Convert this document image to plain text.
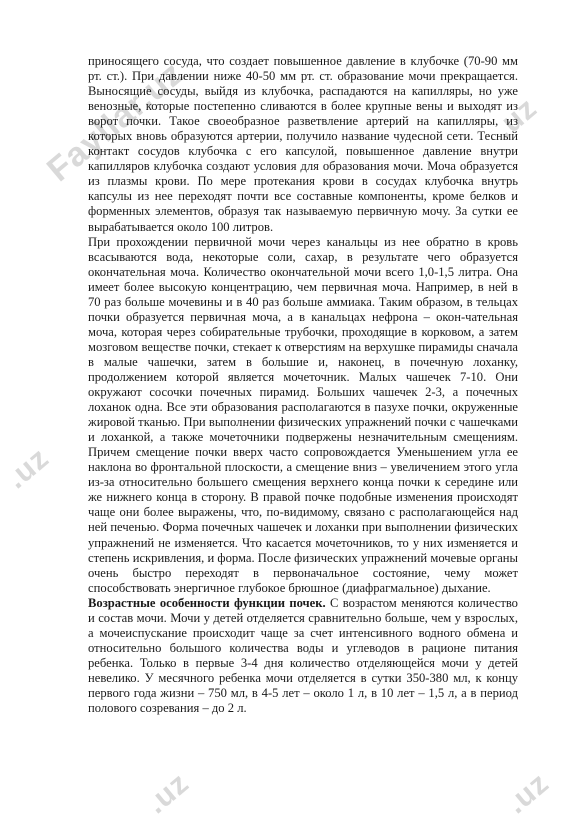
Fayllar.uz	.uz
.uz
.uz	.uz

приносящего сосуда, что создает повышенное давление в клубочке (70-90 мм рт. ст.). При давлении ниже 40-50 мм рт. ст. образование мочи прекращается. Выносящие сосуды, выйдя из клубочка, распадаются на капилляры, но уже венозные, которые постепенно сливаются в более крупные вены и выходят из ворот почки. Такое своеобразное разветвление артерий на капилляры, из которых вновь образуются артерии, получило название чудесной сети. Тесный контакт сосудов клубочка с его капсулой, повышенное давление внутри капилляров клубочка создают условия для образования мочи. Моча образуется из плазмы крови. По мере протекания крови в сосудах клубочка внутрь капсулы из нее переходят почти все составные компоненты, кроме белков и форменных элементов, образуя так называемую первичную мочу. За сутки ее вырабатывается около 100 литров.

При прохождении первичной мочи через канальцы из нее обратно в кровь всасываются вода, некоторые соли, сахар, в результате чего образуется окончательная моча. Количество окончательной мочи всего 1,0-1,5 литра. Она имеет более высокую концентрацию, чем первичная моча. Например, в ней в 70 раз больше мочевины и в 40 раз больше аммиака. Таким образом, в тельцах почки образуется первичная моча, а в канальцах нефрона – окон-чательная моча, которая через собирательные трубочки, проходящие в корковом, а затем мозговом веществе почки, стекает к отверстиям на верхушке пирамиды сначала в малые чашечки, затем в большие и, наконец, в почечную лоханку, продолжением которой является мочеточник. Малых чашечек 7-10. Они окружают сосочки почечных пирамид. Больших чашечек 2-3, а почечных лоханок одна. Все эти образования располагаются в пазухе почки, окруженные жировой тканью. При выполнении физических упражнений почки с чашечками и лоханкой, а также мочеточники подвержены незначительным смещениям. Причем смещение почки вверх часто сопровождается Уменьшением угла ее наклона во фронтальной плоскости, а смещение вниз – увеличением этого угла из-за относительно большего смещения верхнего конца почки к середине или же нижнего конца в сторону. В правой почке подобные изменения происходят чаще они более выражены, что, по-видимому, связано с располагающейся над ней печенью. Форма почечных чашечек и лоханки при выполнении физических упражнений не изменяется. Что касается мочеточников, то у них изменяется и степень искривления, и форма. После физических упражнений мочевые органы очень быстро переходят в первоначальное состояние, чему может способствовать энергичное глубокое брюшное (диафрагмальное) дыхание.

Возрастные особенности функции почек. С возрастом меняются количество и состав мочи. Мочи у детей отделяется сравнительно больше, чем у взрослых, а мочеиспускание происходит чаще за счет интенсивного водного обмена и относительно большого количества воды и углеводов в рационе питания ребенка. Только в первые 3-4 дня количество отделяющейся мочи у детей невелико. У месячного ребенка мочи отделяется в сутки 350-380 мл, к концу первого года жизни – 750 мл, в 4-5 лет – около 1 л, в 10 лет – 1,5 л, а в период полового созревания – до 2 л.
